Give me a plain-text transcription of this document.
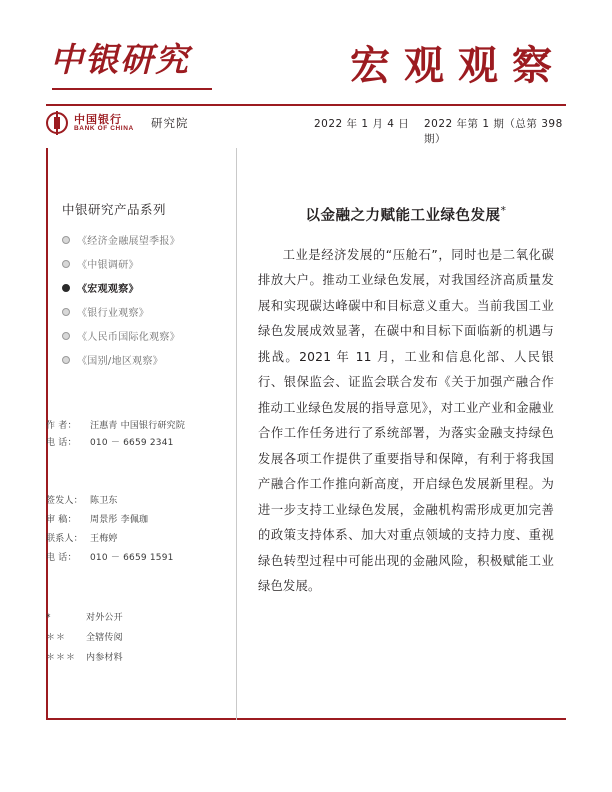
中银研究	宏观观察
中国银行
BANK OF CHINA 研究院	2022 年 1 月 4 日 2022 年第 1 期（总第 398 期）
中银研究产品系列
《经济金融展望季报》
《中银调研》
《宏观观察》
《银行业观察》
《人民币国际化观察》
《国别/地区观察》
作 者： 汪惠青 中国银行研究院
电 话： 010 － 6659 2341
签发人： 陈卫东
审 稿： 周景彤 李佩珈
联系人： 王梅婷
电 话： 010 － 6659 1591
*	对外公开
＊＊ 全辖传阅
＊＊＊ 内参材料
以金融之力赋能工业绿色发展*
工业是经济发展的“压舱石”，同时也是二氧化碳排放大户。推动工业绿色发展，对我国经济高质量发展和实现碳达峰碳中和目标意义重大。当前我国工业绿色发展成效显著，在碳中和目标下面临新的机遇与挑战。2021 年 11 月，工业和信息化部、人民银行、银保监会、证监会联合发布《关于加强产融合作推动工业绿色发展的指导意见》，对工业产业和金融业合作工作任务进行了系统部署，为落实金融支持绿色发展各项工作提供了重要指导和保障，有利于将我国产融合作工作推向新高度，开启绿色发展新里程。为进一步支持工业绿色发展，金融机构需形成更加完善的政策支持体系、加大对重点领域的支持力度、重视绿色转型过程中可能出现的金融风险，积极赋能工业绿色发展。
